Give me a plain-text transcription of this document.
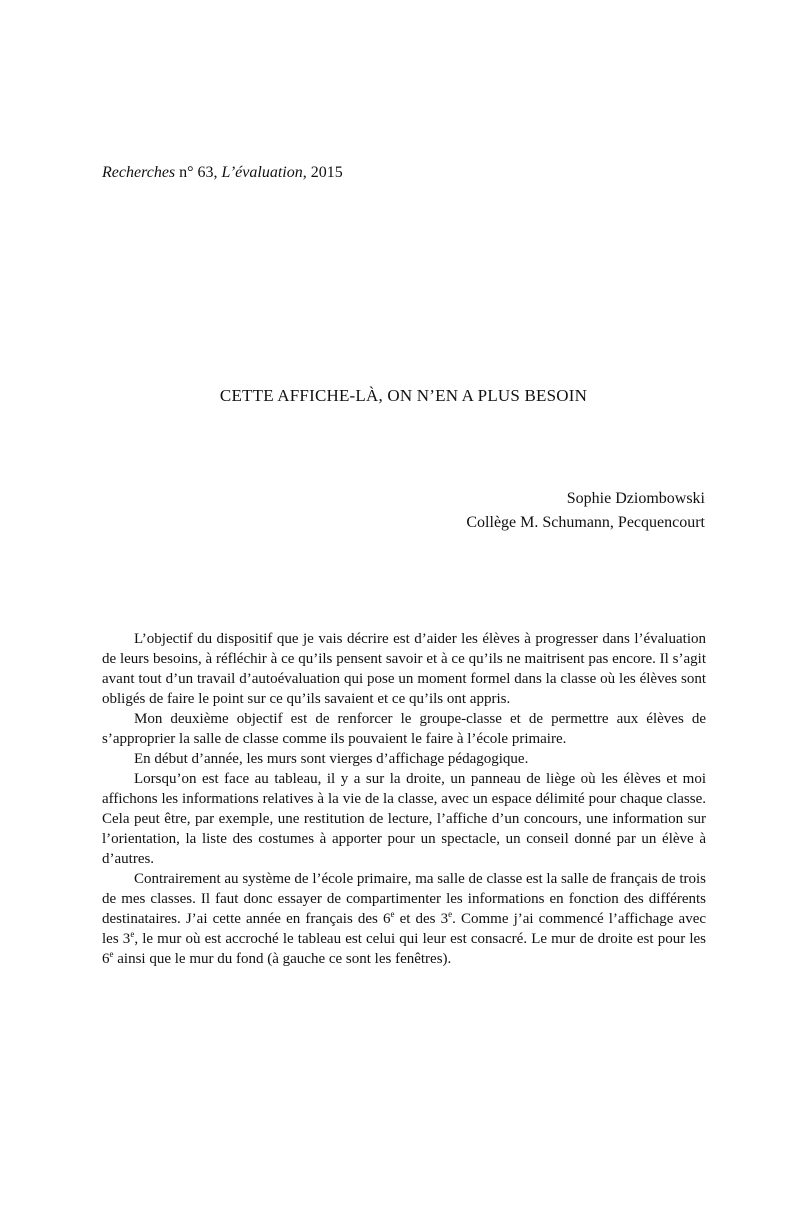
Recherches n° 63, L’évaluation, 2015
CETTE AFFICHE-LÀ, ON N’EN A PLUS BESOIN
Sophie Dziombowski
Collège M. Schumann, Pecquencourt

L’objectif du dispositif que je vais décrire est d’aider les élèves à progresser dans l’évaluation de leurs besoins, à réfléchir à ce qu’ils pensent savoir et à ce qu’ils ne maitrisent pas encore. Il s’agit avant tout d’un travail d’autoévaluation qui pose un moment formel dans la classe où les élèves sont obligés de faire le point sur ce qu’ils savaient et ce qu’ils ont appris.

Mon deuxième objectif est de renforcer le groupe-classe et de permettre aux élèves de s’approprier la salle de classe comme ils pouvaient le faire à l’école primaire.

En début d’année, les murs sont vierges d’affichage pédagogique.

Lorsqu’on est face au tableau, il y a sur la droite, un panneau de liège où les élèves et moi affichons les informations relatives à la vie de la classe, avec un espace délimité pour chaque classe. Cela peut être, par exemple, une restitution de lecture, l’affiche d’un concours, une information sur l’orientation, la liste des costumes à apporter pour un spectacle, un conseil donné par un élève à d’autres.

Contrairement au système de l’école primaire, ma salle de classe est la salle de français de trois de mes classes. Il faut donc essayer de compartimenter les informations en fonction des différents destinataires. J’ai cette année en français des 6e et des 3e. Comme j’ai commencé l’affichage avec les 3e, le mur où est accroché le tableau est celui qui leur est consacré. Le mur de droite est pour les 6e ainsi que le mur du fond (à gauche ce sont les fenêtres).
